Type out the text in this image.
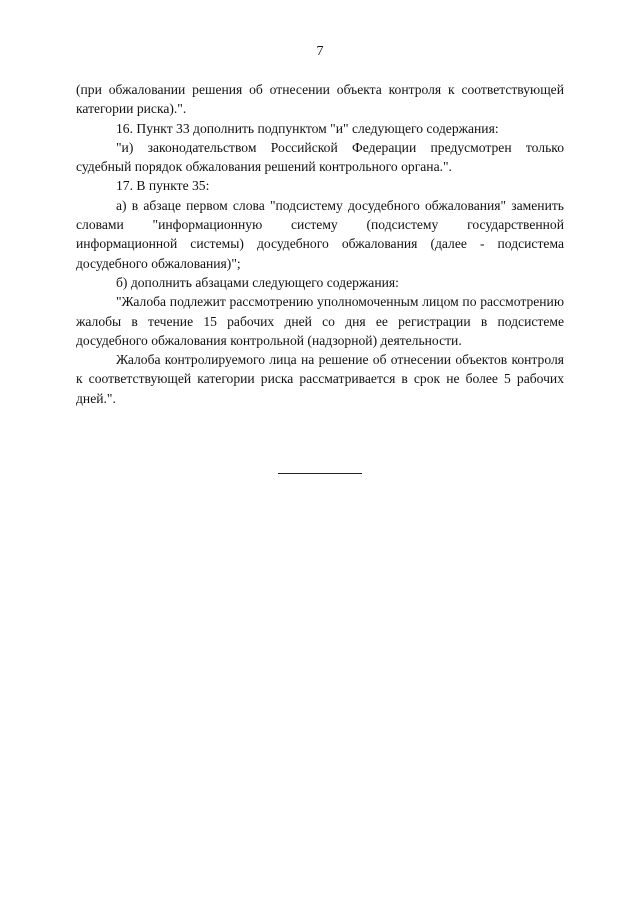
7

(при обжаловании решения об отнесении объекта контроля к соответствующей категории риска).".

16. Пункт 33 дополнить подпунктом "и" следующего содержания:

"и) законодательством Российской Федерации предусмотрен только судебный порядок обжалования решений контрольного органа.".

17. В пункте 35:

а) в абзаце первом слова "подсистему досудебного обжалования" заменить словами "информационную систему (подсистему государственной информационной системы) досудебного обжалования (далее - подсистема досудебного обжалования)";

б) дополнить абзацами следующего содержания:

"Жалоба подлежит рассмотрению уполномоченным лицом по рассмотрению жалобы в течение 15 рабочих дней со дня ее регистрации в подсистеме досудебного обжалования контрольной (надзорной) деятельности.

Жалоба контролируемого лица на решение об отнесении объектов контроля к соответствующей категории риска рассматривается в срок не более 5 рабочих дней.".
